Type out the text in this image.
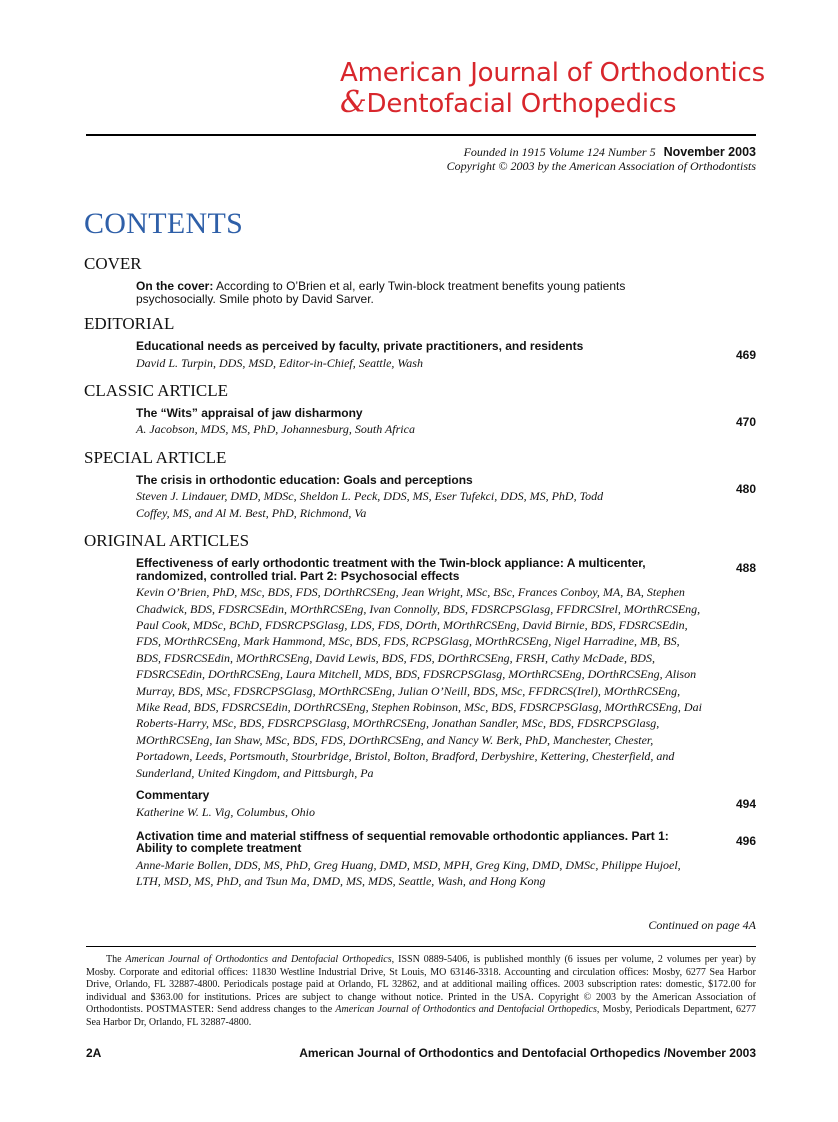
American Journal of Orthodontics
&Dentofacial Orthopedics
Founded in 1915 Volume 124 Number 5 November 2003
Copyright © 2003 by the American Association of Orthodontists
CONTENTS
COVER
On the cover: According to O’Brien et al, early Twin-block treatment benefits young patients psychosocially. Smile photo by David Sarver.
EDITORIAL
Educational needs as perceived by faculty, private practitioners, and residents
David L. Turpin, DDS, MSD, Editor-in-Chief, Seattle, Wash
469
CLASSIC ARTICLE
The “Wits” appraisal of jaw disharmony
A. Jacobson, MDS, MS, PhD, Johannesburg, South Africa
470
SPECIAL ARTICLE
The crisis in orthodontic education: Goals and perceptions
Steven J. Lindauer, DMD, MDSc, Sheldon L. Peck, DDS, MS, Eser Tufekci, DDS, MS, PhD, Todd Coffey, MS, and Al M. Best, PhD, Richmond, Va
480
ORIGINAL ARTICLES
Effectiveness of early orthodontic treatment with the Twin-block appliance: A multicenter, randomized, controlled trial. Part 2: Psychosocial effects
Kevin O’Brien, PhD, MSc, BDS, FDS, DOrthRCSEng, Jean Wright, MSc, BSc, Frances Conboy, MA, BA, Stephen Chadwick, BDS, FDSRCSEdin, MOrthRCSEng, Ivan Connolly, BDS, FDSRCPSGlasg, FFDRCSIrel, MOrthRCSEng, Paul Cook, MDSc, BChD, FDSRCPSGlasg, LDS, FDS, DOrth, MOrthRCSEng, David Birnie, BDS, FDSRCSEdin, FDS, MOrthRCSEng, Mark Hammond, MSc, BDS, FDS, RCPSGlasg, MOrthRCSEng, Nigel Harradine, MB, BS, BDS, FDSRCSEdin, MOrthRCSEng, David Lewis, BDS, FDS, DOrthRCSEng, FRSH, Cathy McDade, BDS, FDSRCSEdin, DOrthRCSEng, Laura Mitchell, MDS, BDS, FDSRCPSGlasg, MOrthRCSEng, DOrthRCSEng, Alison Murray, BDS, MSc, FDSRCPSGlasg, MOrthRCSEng, Julian O’Neill, BDS, MSc, FFDRCS(Irel), MOrthRCSEng, Mike Read, BDS, FDSRCSEdin, DOrthRCSEng, Stephen Robinson, MSc, BDS, FDSRCPSGlasg, MOrthRCSEng, Dai Roberts-Harry, MSc, BDS, FDSRCPSGlasg, MOrthRCSEng, Jonathan Sandler, MSc, BDS, FDSRCPSGlasg, MOrthRCSEng, Ian Shaw, MSc, BDS, FDS, DOrthRCSEng, and Nancy W. Berk, PhD, Manchester, Chester, Portadown, Leeds, Portsmouth, Stourbridge, Bristol, Bolton, Bradford, Derbyshire, Kettering, Chesterfield, and Sunderland, United Kingdom, and Pittsburgh, Pa
488
Commentary
Katherine W. L. Vig, Columbus, Ohio
494
Activation time and material stiffness of sequential removable orthodontic appliances. Part 1: Ability to complete treatment
Anne-Marie Bollen, DDS, MS, PhD, Greg Huang, DMD, MSD, MPH, Greg King, DMD, DMSc, Philippe Hujoel, LTH, MSD, MS, PhD, and Tsun Ma, DMD, MS, MDS, Seattle, Wash, and Hong Kong
496
Continued on page 4A
The American Journal of Orthodontics and Dentofacial Orthopedics, ISSN 0889-5406, is published monthly (6 issues per volume, 2 volumes per year) by Mosby. Corporate and editorial offices: 11830 Westline Industrial Drive, St Louis, MO 63146-3318. Accounting and circulation offices: Mosby, 6277 Sea Harbor Drive, Orlando, FL 32887-4800. Periodicals postage paid at Orlando, FL 32862, and at additional mailing offices. 2003 subscription rates: domestic, $172.00 for individual and $363.00 for institutions. Prices are subject to change without notice. Printed in the USA. Copyright © 2003 by the American Association of Orthodontists. POSTMASTER: Send address changes to the American Journal of Orthodontics and Dentofacial Orthopedics, Mosby, Periodicals Department, 6277 Sea Harbor Dr, Orlando, FL 32887-4800.
2A	American Journal of Orthodontics and Dentofacial Orthopedics /November 2003
